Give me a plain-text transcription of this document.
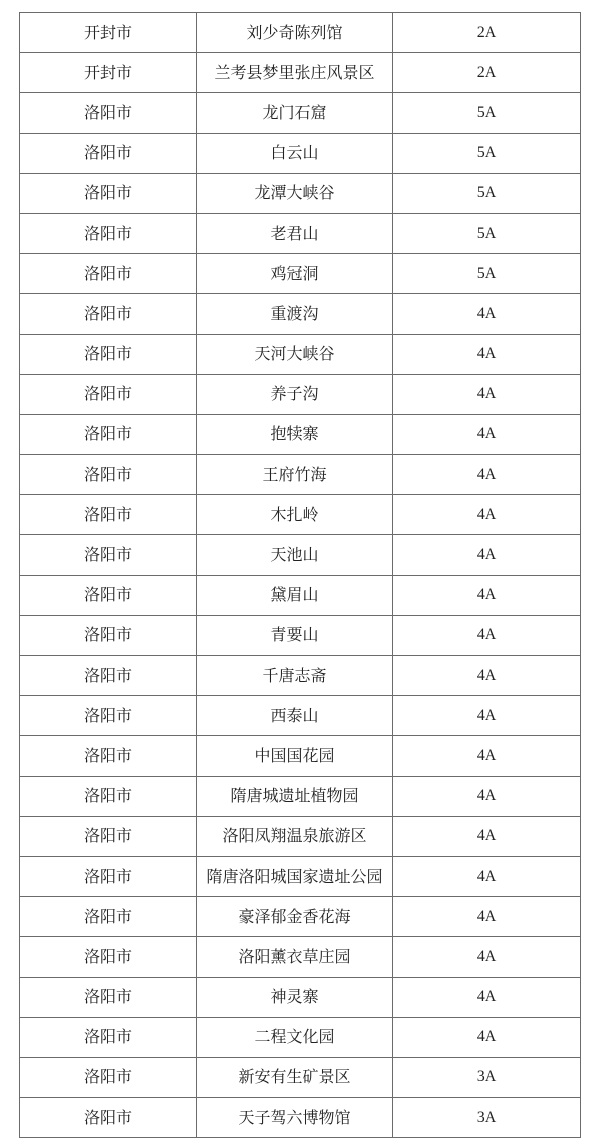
开封市	刘少奇陈列馆	2A
开封市	兰考县梦里张庄风景区	2A
洛阳市	龙门石窟	5A
洛阳市	白云山	5A
洛阳市	龙潭大峡谷	5A
洛阳市	老君山	5A
洛阳市	鸡冠洞	5A
洛阳市	重渡沟	4A
洛阳市	天河大峡谷	4A
洛阳市	养子沟	4A
洛阳市	抱犊寨	4A
洛阳市	王府竹海	4A
洛阳市	木扎岭	4A
洛阳市	天池山	4A
洛阳市	黛眉山	4A
洛阳市	青要山	4A
洛阳市	千唐志斋	4A
洛阳市	西泰山	4A
洛阳市	中国国花园	4A
洛阳市	隋唐城遗址植物园	4A
洛阳市	洛阳凤翔温泉旅游区	4A
洛阳市	隋唐洛阳城国家遗址公园	4A
洛阳市	豪泽郁金香花海	4A
洛阳市	洛阳薰衣草庄园	4A
洛阳市	神灵寨	4A
洛阳市	二程文化园	4A
洛阳市	新安有生矿景区	3A
洛阳市	天子驾六博物馆	3A
